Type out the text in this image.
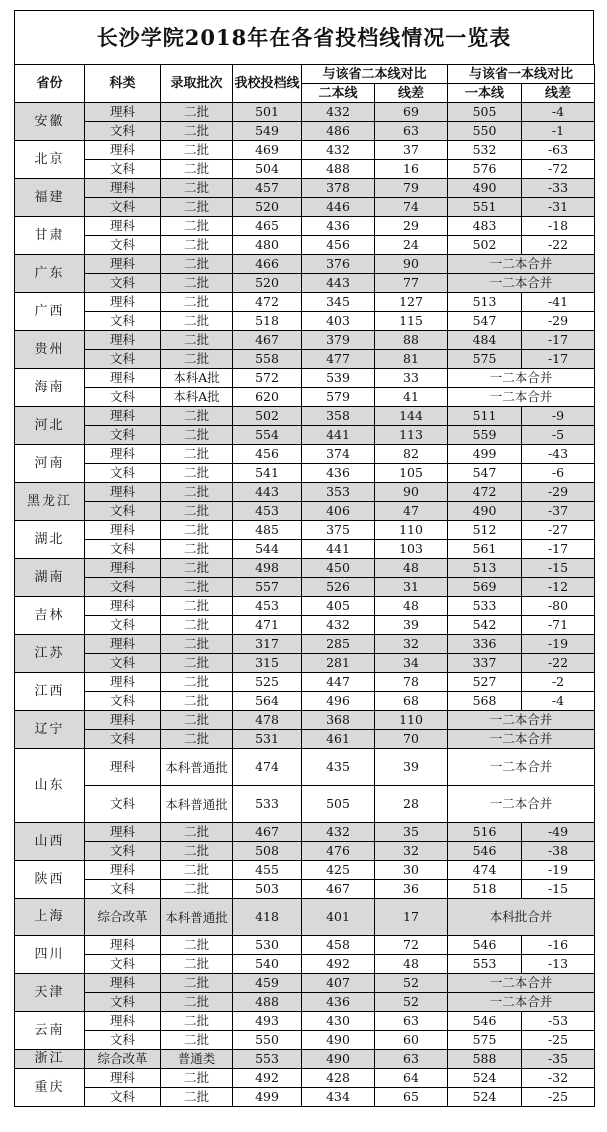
长沙学院2018年在各省投档线情况一览表
省份	科类	录取批次	我校投档线	与该省二本线对比		与该省一本线对比	
				二本线	线差	一本线	线差
安徽	理科	二批	501	432	69	505	-4
	文科	二批	549	486	63	550	-1
北京	理科	二批	469	432	37	532	-63
	文科	二批	504	488	16	576	-72
福建	理科	二批	457	378	79	490	-33
	文科	二批	520	446	74	551	-31
甘肃	理科	二批	465	436	29	483	-18
	文科	二批	480	456	24	502	-22
广东	理科	二批	466	376	90	一二本合并	
	文科	二批	520	443	77	一二本合并	
广西	理科	二批	472	345	127	513	-41
	文科	二批	518	403	115	547	-29
贵州	理科	二批	467	379	88	484	-17
	文科	二批	558	477	81	575	-17
海南	理科	本科A批	572	539	33	一二本合并	
	文科	本科A批	620	579	41	一二本合并	
河北	理科	二批	502	358	144	511	-9
	文科	二批	554	441	113	559	-5
河南	理科	二批	456	374	82	499	-43
	文科	二批	541	436	105	547	-6
黑龙江	理科	二批	443	353	90	472	-29
	文科	二批	453	406	47	490	-37
湖北	理科	二批	485	375	110	512	-27
	文科	二批	544	441	103	561	-17
湖南	理科	二批	498	450	48	513	-15
	文科	二批	557	526	31	569	-12
吉林	理科	二批	453	405	48	533	-80
	文科	二批	471	432	39	542	-71
江苏	理科	二批	317	285	32	336	-19
	文科	二批	315	281	34	337	-22
江西	理科	二批	525	447	78	527	-2
	文科	二批	564	496	68	568	-4
辽宁	理科	二批	478	368	110	一二本合并	
	文科	二批	531	461	70	一二本合并	
山东	理科	本科普通批	474	435	39	一二本合并	
	文科	本科普通批	533	505	28	一二本合并	
山西	理科	二批	467	432	35	516	-49
	文科	二批	508	476	32	546	-38
陕西	理科	二批	455	425	30	474	-19
	文科	二批	503	467	36	518	-15
上海	综合改革	本科普通批	418	401	17	本科批合并	
四川	理科	二批	530	458	72	546	-16
	文科	二批	540	492	48	553	-13
天津	理科	二批	459	407	52	一二本合并	
	文科	二批	488	436	52	一二本合并	
云南	理科	二批	493	430	63	546	-53
	文科	二批	550	490	60	575	-25
浙江	综合改革	普通类	553	490	63	588	-35
重庆	理科	二批	492	428	64	524	-32
	文科	二批	499	434	65	524	-25
